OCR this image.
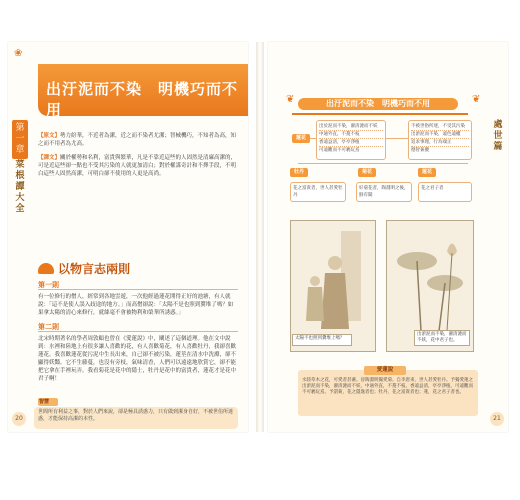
❀
出汙泥而不染　明機巧而不用
第一章
菜根譚大全
【原文】勢力紛華，不近者為潔，近之而不染者尤潔；智械機巧，不知者為高，知之而不用者為尤高。
【譯文】關於權勢和名利，富貴與繁華，凡是不靠近這些的人固然是清廉高潔的，可是近這些卻一點也不受其污染的人就更加清白；對於權謀奇計和不擇手段，不明白這些人固然高潔，可明白卻不使用的人更是高尚。
以物言志兩則
第一則
有一位修行的僧人，經常到各地雲遊，一次他經過蓮花開得正好的池塘，有人就說：「這不是使人誤入歧途的地方。」而高僧卻說：「太陽不是也照到糞堆了嗎？如果拿太陽的清心來修行，就絲毫不會被物利和榮華所誘惑。」
第二則
北宋時期著名的學者周敦頤也曾在《愛蓮說》中，闡述了這個道理。他在文中說到：水裡和陸地上有很多讓人喜歡的花，有人喜歡菊花，有人喜歡牡丹，我卻喜歡蓮花。我喜歡蓮花從污泥中生長出來，自己卻不被污染，蓮莖在清水中洗滌，卻不顯得妖豔。它不生藤蔓，也沒有旁枝，氣味清香，人們可以遠遠地欣賞它，卻不能把它拿在手裡玩弄。我看菊花是花中的隱士，牡丹是花中的富貴者，蓮花才是花中君子啊！
智慧
世間所有利益之事，對於人們來說，卻是極具誘惑力，只有做到潔身自好，不被世俗所迷惑，才能保持高潔的本性。
20
❦	❦
出汙泥而不染　明機巧而不用
處世篇
出於泥而不染，濯清漣而不妖
中通外直，不蔓不枝
香遠益清，亭亭淨植
可遠觀而不可褻玩焉
蓮花
不被世俗所迷，不受其污染
出淤泥而不染，遠色遠權
追求事理，行為端正
德智兼優
牡丹	菊花	蓮花
花之富貴者，世人甚愛牡丹
好菊花者，陶淵明之後，鮮有聞
花之君子者
太陽不也照到糞堆上嗎？
出淤泥而不染，濯清漣而不妖，花中君子也。
愛蓮說
水陸草木之花，可愛者甚蕃。晉陶淵明獨愛菊。自李唐來，世人甚愛牡丹。予獨愛蓮之出淤泥而不染，濯清漣而不妖，中通外直，不蔓不枝，香遠益清，亭亭淨植，可遠觀而不可褻玩焉。予謂菊，花之隱逸者也；牡丹，花之富貴者也；蓮，花之君子者也。
21
